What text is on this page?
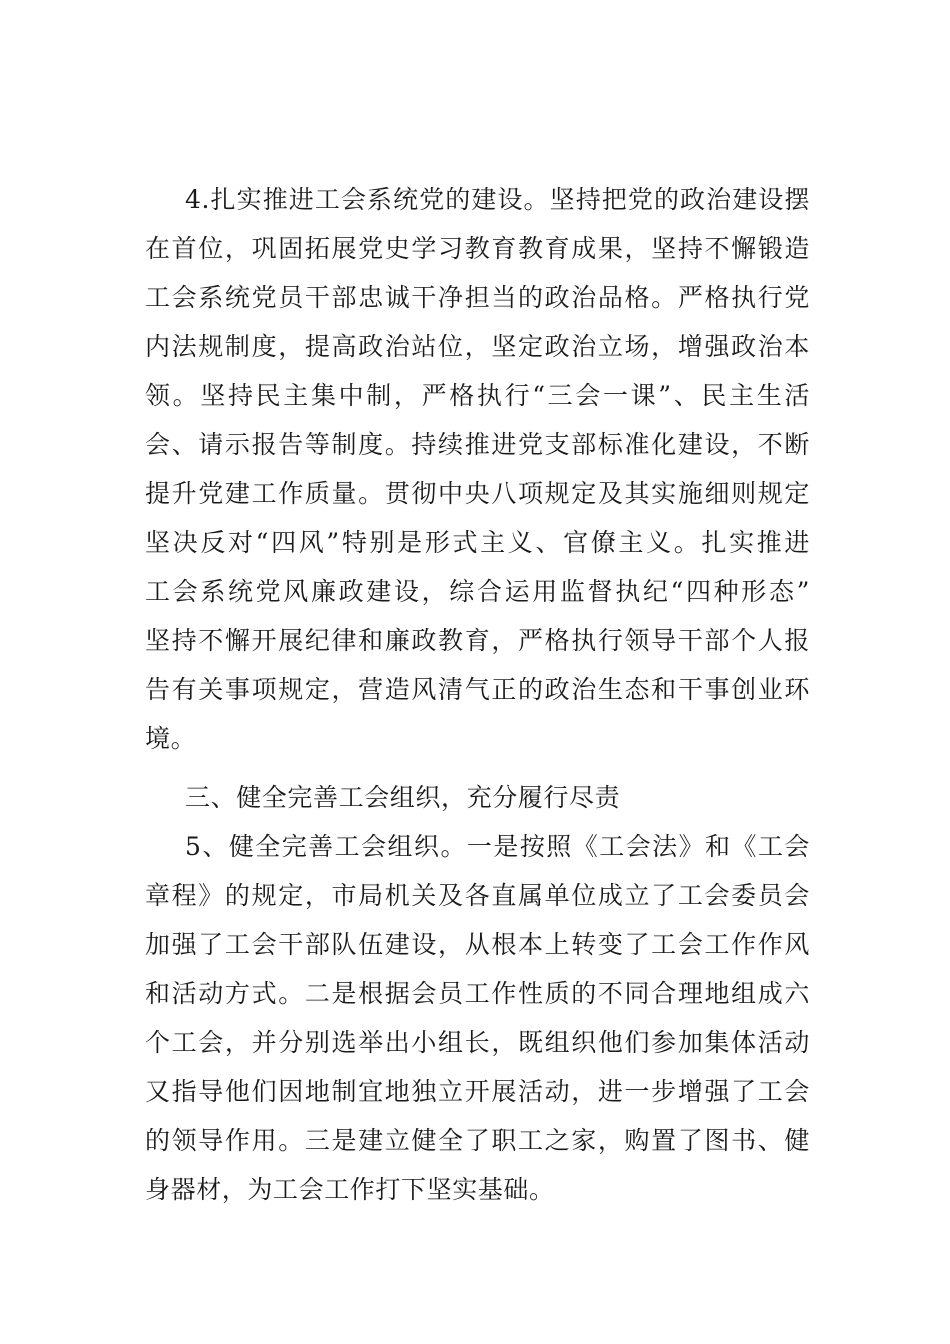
4.扎实推进工会系统党的建设。坚持把党的政治建设摆
在首位，巩固拓展党史学习教育教育成果，坚持不懈锻造
工会系统党员干部忠诚干净担当的政治品格。严格执行党
内法规制度，提高政治站位，坚定政治立场，增强政治本
领。坚持民主集中制，严格执行“三会一课”、民主生活
会、请示报告等制度。持续推进党支部标准化建设，不断
提升党建工作质量。贯彻中央八项规定及其实施细则规定
坚决反对“四风”特别是形式主义、官僚主义。扎实推进
工会系统党风廉政建设，综合运用监督执纪“四种形态”
坚持不懈开展纪律和廉政教育，严格执行领导干部个人报
告有关事项规定，营造风清气正的政治生态和干事创业环
境。
三、健全完善工会组织，充分履行尽责
5、健全完善工会组织。一是按照《工会法》和《工会
章程》的规定，市局机关及各直属单位成立了工会委员会
加强了工会干部队伍建设，从根本上转变了工会工作作风
和活动方式。二是根据会员工作性质的不同合理地组成六
个工会，并分别选举出小组长，既组织他们参加集体活动
又指导他们因地制宜地独立开展活动，进一步增强了工会
的领导作用。三是建立健全了职工之家，购置了图书、健
身器材，为工会工作打下坚实基础。
